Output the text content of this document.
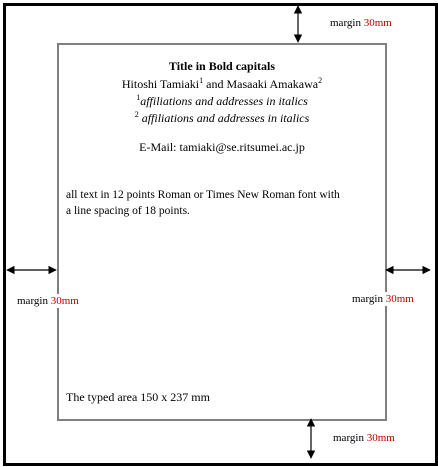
Title in Bold capitals
Hitoshi Tamiaki$^1$ and Masaaki Amakawa$^2$
$^1$affiliations and addresses in italics
$^2$ affiliations and addresses in italics
E-Mail: tamiaki@se.ritsumei.ac.jp
all text in 12 points Roman or Times New Roman font with
a line spacing of 18 points.
The typed area 150 x 237 mm
margin 30mm
margin 30mm	margin 30mm
margin 30mm
